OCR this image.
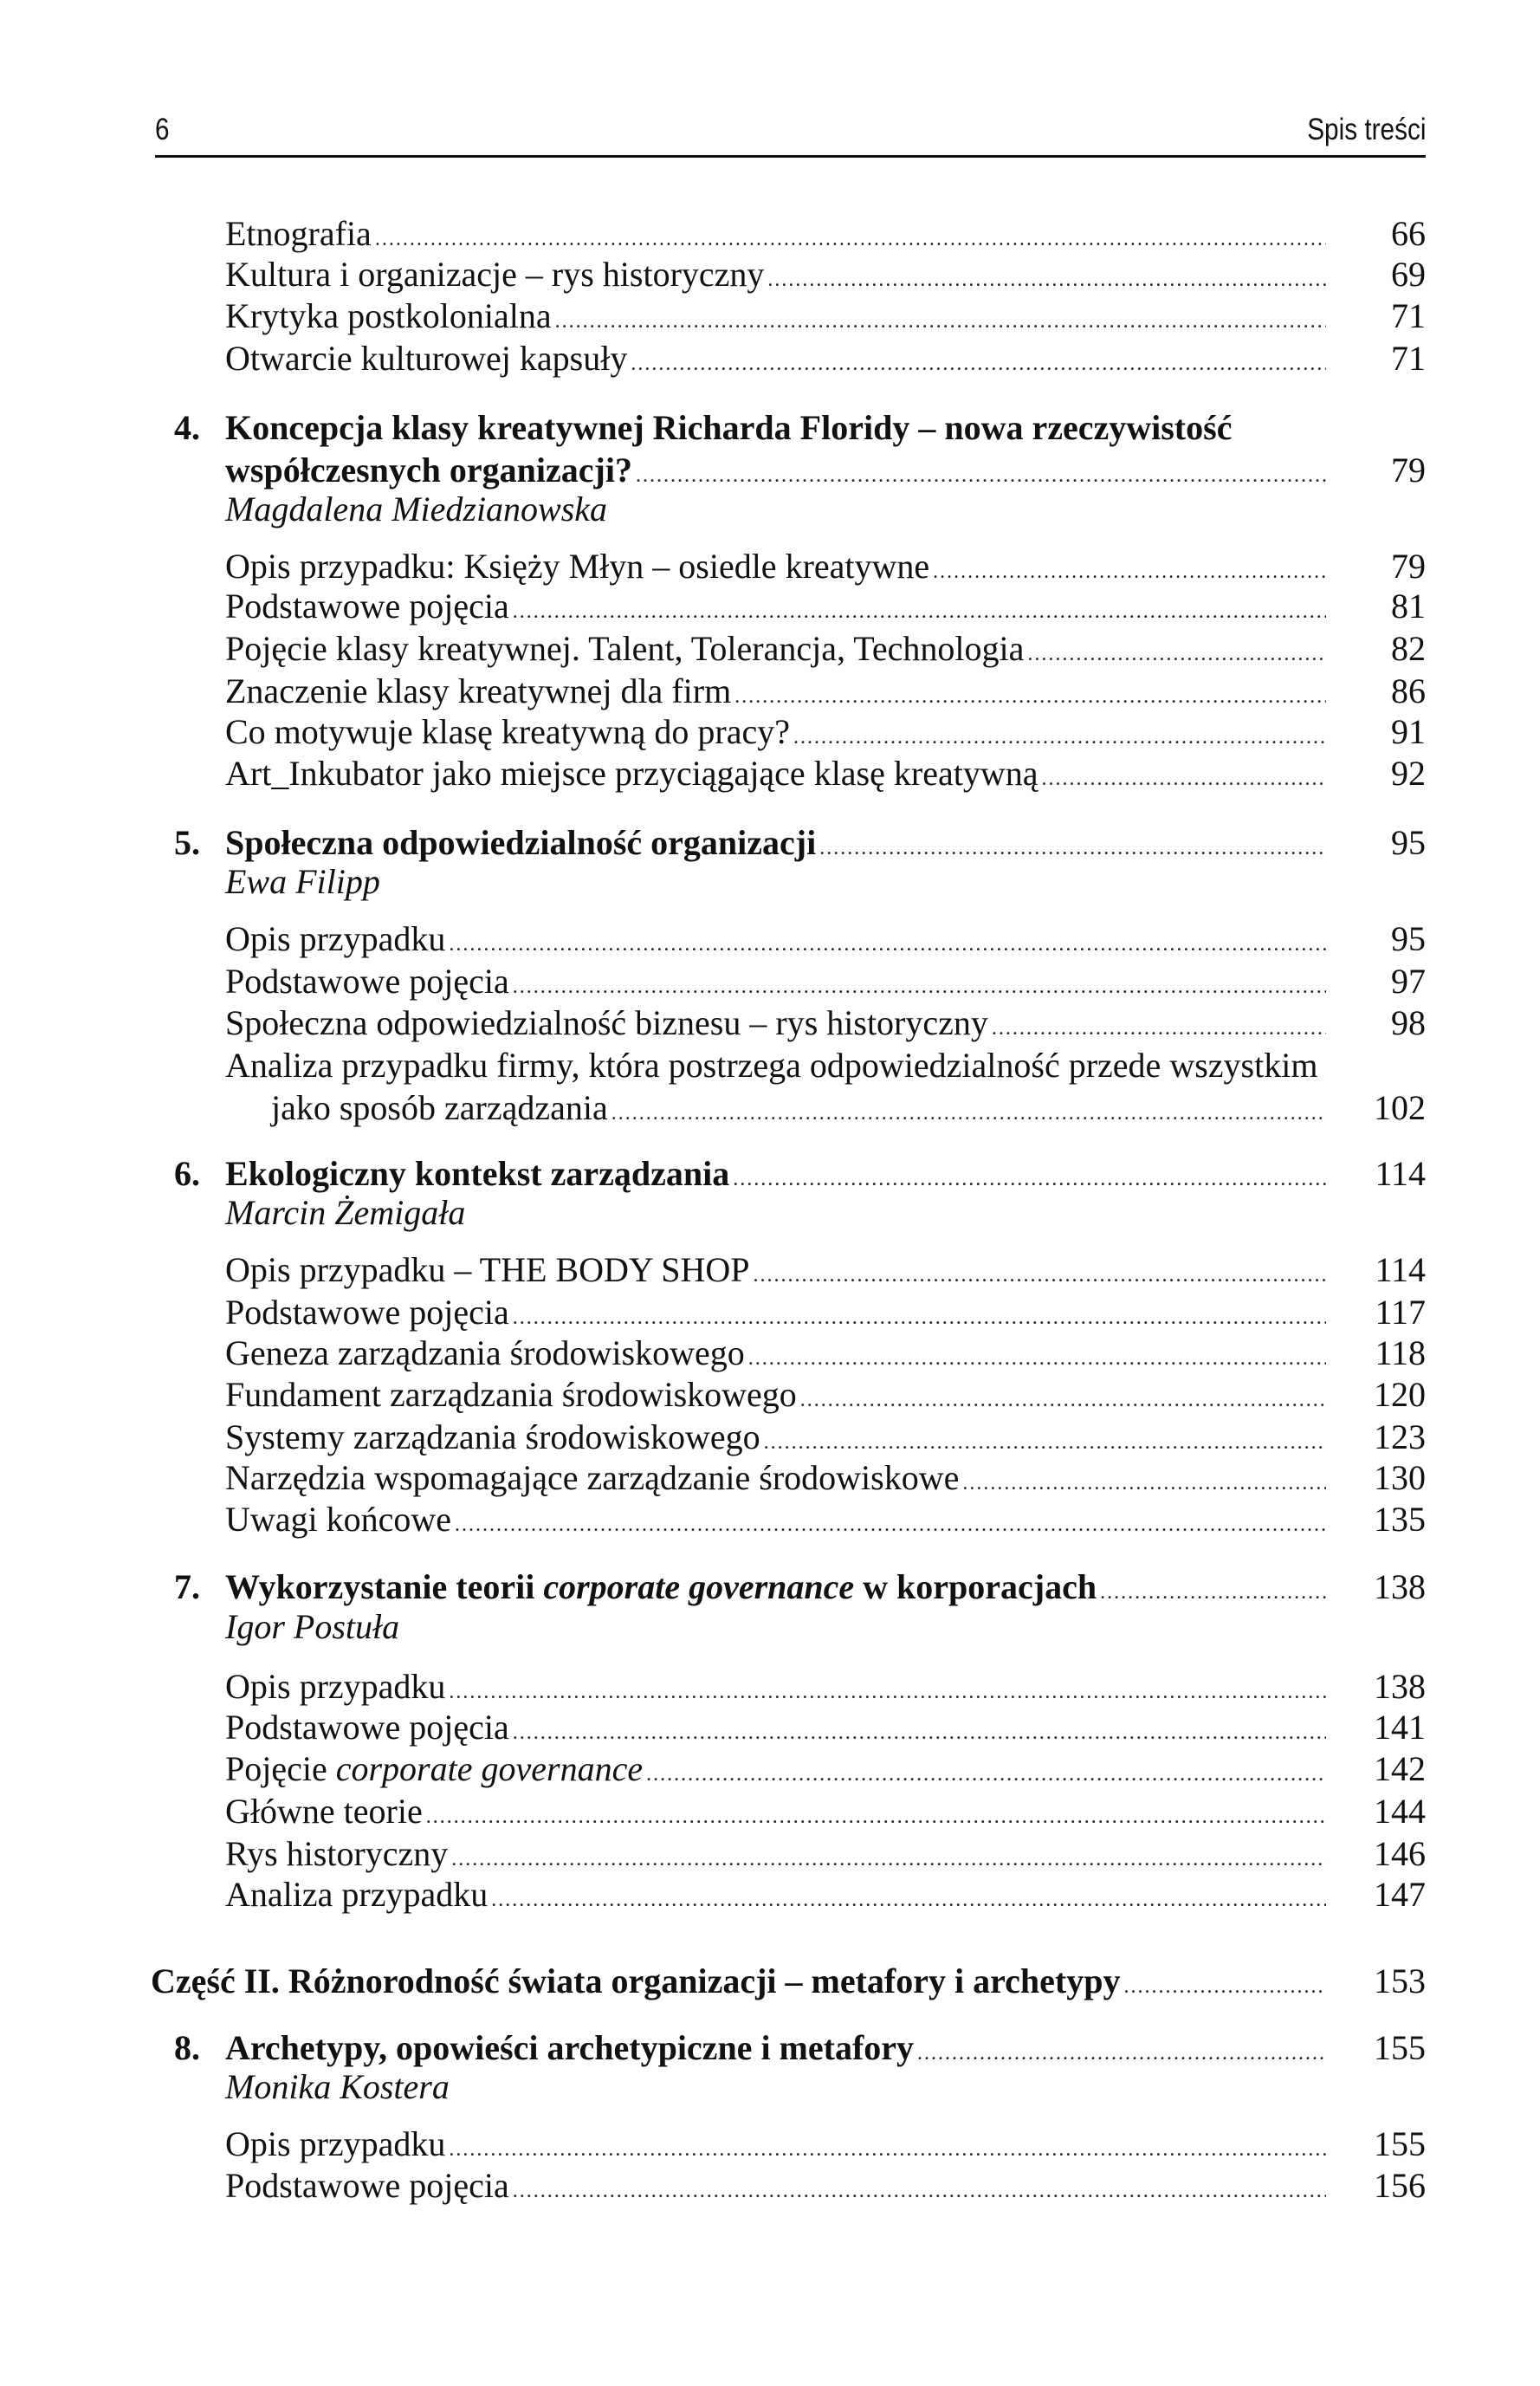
6	Spis treści
Etnografia .....	66
Kultura i organizacje – rys historyczny .....	69
Krytyka postkolonialna .....	71
Otwarcie kulturowej kapsuły .....	71
4. Koncepcja klasy kreatywnej Richarda Floridy – nowa rzeczywistość
współczesnych organizacji? .....	79
Magdalena Miedzianowska
Opis przypadku: Księży Młyn – osiedle kreatywne .....	79
Podstawowe pojęcia .....	81
Pojęcie klasy kreatywnej. Talent, Tolerancja, Technologia .....	82
Znaczenie klasy kreatywnej dla firm .....	86
Co motywuje klasę kreatywną do pracy? .....	91
Art_Inkubator jako miejsce przyciągające klasę kreatywną .....	92
5. Społeczna odpowiedzialność organizacji .....	95
Ewa Filipp
Opis przypadku .....	95
Podstawowe pojęcia .....	97
Społeczna odpowiedzialność biznesu – rys historyczny .....	98
Analiza przypadku firmy, która postrzega odpowiedzialność przede wszystkim
jako sposób zarządzania .....	102
6. Ekologiczny kontekst zarządzania .....	114
Marcin Żemigała
Opis przypadku – THE BODY SHOP .....	114
Podstawowe pojęcia .....	117
Geneza zarządzania środowiskowego .....	118
Fundament zarządzania środowiskowego .....	120
Systemy zarządzania środowiskowego .....	123
Narzędzia wspomagające zarządzanie środowiskowe .....	130
Uwagi końcowe .....	135
7. Wykorzystanie teorii corporate governance w korporacjach .....	138
Igor Postuła
Opis przypadku .....	138
Podstawowe pojęcia .....	141
Pojęcie corporate governance .....	142
Główne teorie .....	144
Rys historyczny .....	146
Analiza przypadku .....	147
Część II. Różnorodność świata organizacji – metafory i archetypy .....	153
8. Archetypy, opowieści archetypiczne i metafory .....	155
Monika Kostera
Opis przypadku .....	155
Podstawowe pojęcia .....	156
